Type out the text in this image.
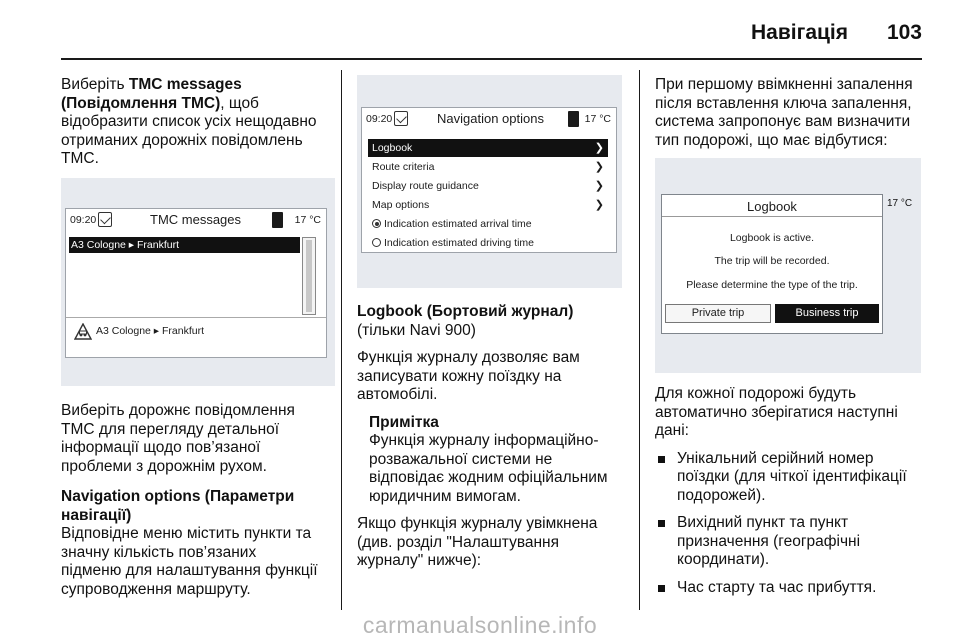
Навігація 103
Виберіть TMC messages
(Повідомлення TMC), щоб
відобразити список усіх нещодавно
отриманих дорожніх повідомлень
TMC.
09:20	TMC messages	17 °C
A3 Cologne ▸ Frankfurt
A3 Cologne ▸ Frankfurt
Виберіть дорожнє повідомлення
TMC для перегляду детальної
інформації щодо пов’язаної
проблеми з дорожнім рухом.
Navigation options (Параметри
навігації)
Відповідне меню містить пункти та
значну кількість пов’язаних
підменю для налаштування функції
супроводження маршруту.
09:20	Navigation options	17 °C
Logbook	❯
Route criteria	❯
Display route guidance	❯
Map options	❯
Indication estimated arrival time
Indication estimated driving time
Logbook (Бортовий журнал)
(тільки Navi 900)
Функція журналу дозволяє вам
записувати кожну поїздку на
автомобілі.
Примітка
Функція журналу інформаційно-
розважальної системи не
відповідає жодним офіційальним
юридичним вимогам.
Якщо функція журналу увімкнена
(див. розділ "Налаштування
журналу" нижче):
При першому ввімкненні запалення
після вставлення ключа запалення,
система запропонує вам визначити
тип подорожі, що має відбутися:
Logbook
Logbook is active.
The trip will be recorded.
Please determine the type of the trip.
Private trip	Business trip
17 °C
Для кожної подорожі будуть
автоматично зберігатися наступні
дані:
Унікальний серійний номер
поїздки (для чіткої ідентифікації
подорожей).
Вихідний пункт та пункт
призначення (географічні
координати).
Час старту та час прибуття.
carmanualsonline.info
